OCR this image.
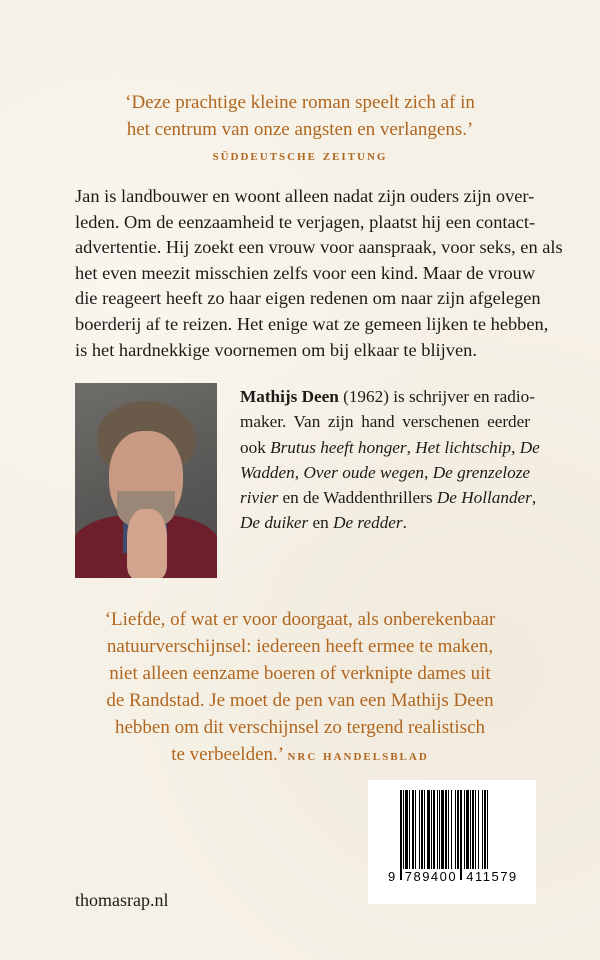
‘Deze prachtige kleine roman speelt zich af in
het centrum van onze angsten en verlangens.’
süddeutsche zeitung
Jan is landbouwer en woont alleen nadat zijn ouders zijn over-
leden. Om de eenzaamheid te verjagen, plaatst hij een contact-
advertentie. Hij zoekt een vrouw voor aanspraak, voor seks, en als
het even meezit misschien zelfs voor een kind. Maar de vrouw
die reageert heeft zo haar eigen redenen om naar zijn afgelegen
boerderij af te reizen. Het enige wat ze gemeen lijken te hebben,
is het hardnekkige voornemen om bij elkaar te blijven.
Mathijs Deen (1962) is schrijver en radio-
maker. Van zijn hand verschenen eerder
ook Brutus heeft honger, Het lichtschip, De
Wadden, Over oude wegen, De grenzeloze
rivier en de Waddenthrillers De Hollander,
De duiker en De redder.
‘Liefde, of wat er voor doorgaat, als onberekenbaar
natuurverschijnsel: iedereen heeft ermee te maken,
niet alleen eenzame boeren of verknipte dames uit
de Randstad. Je moet de pen van een Mathijs Deen
hebben om dit verschijnsel zo tergend realistisch
te verbeelden.’ nrc handelsblad
9 789400 411579
thomasrap.nl
